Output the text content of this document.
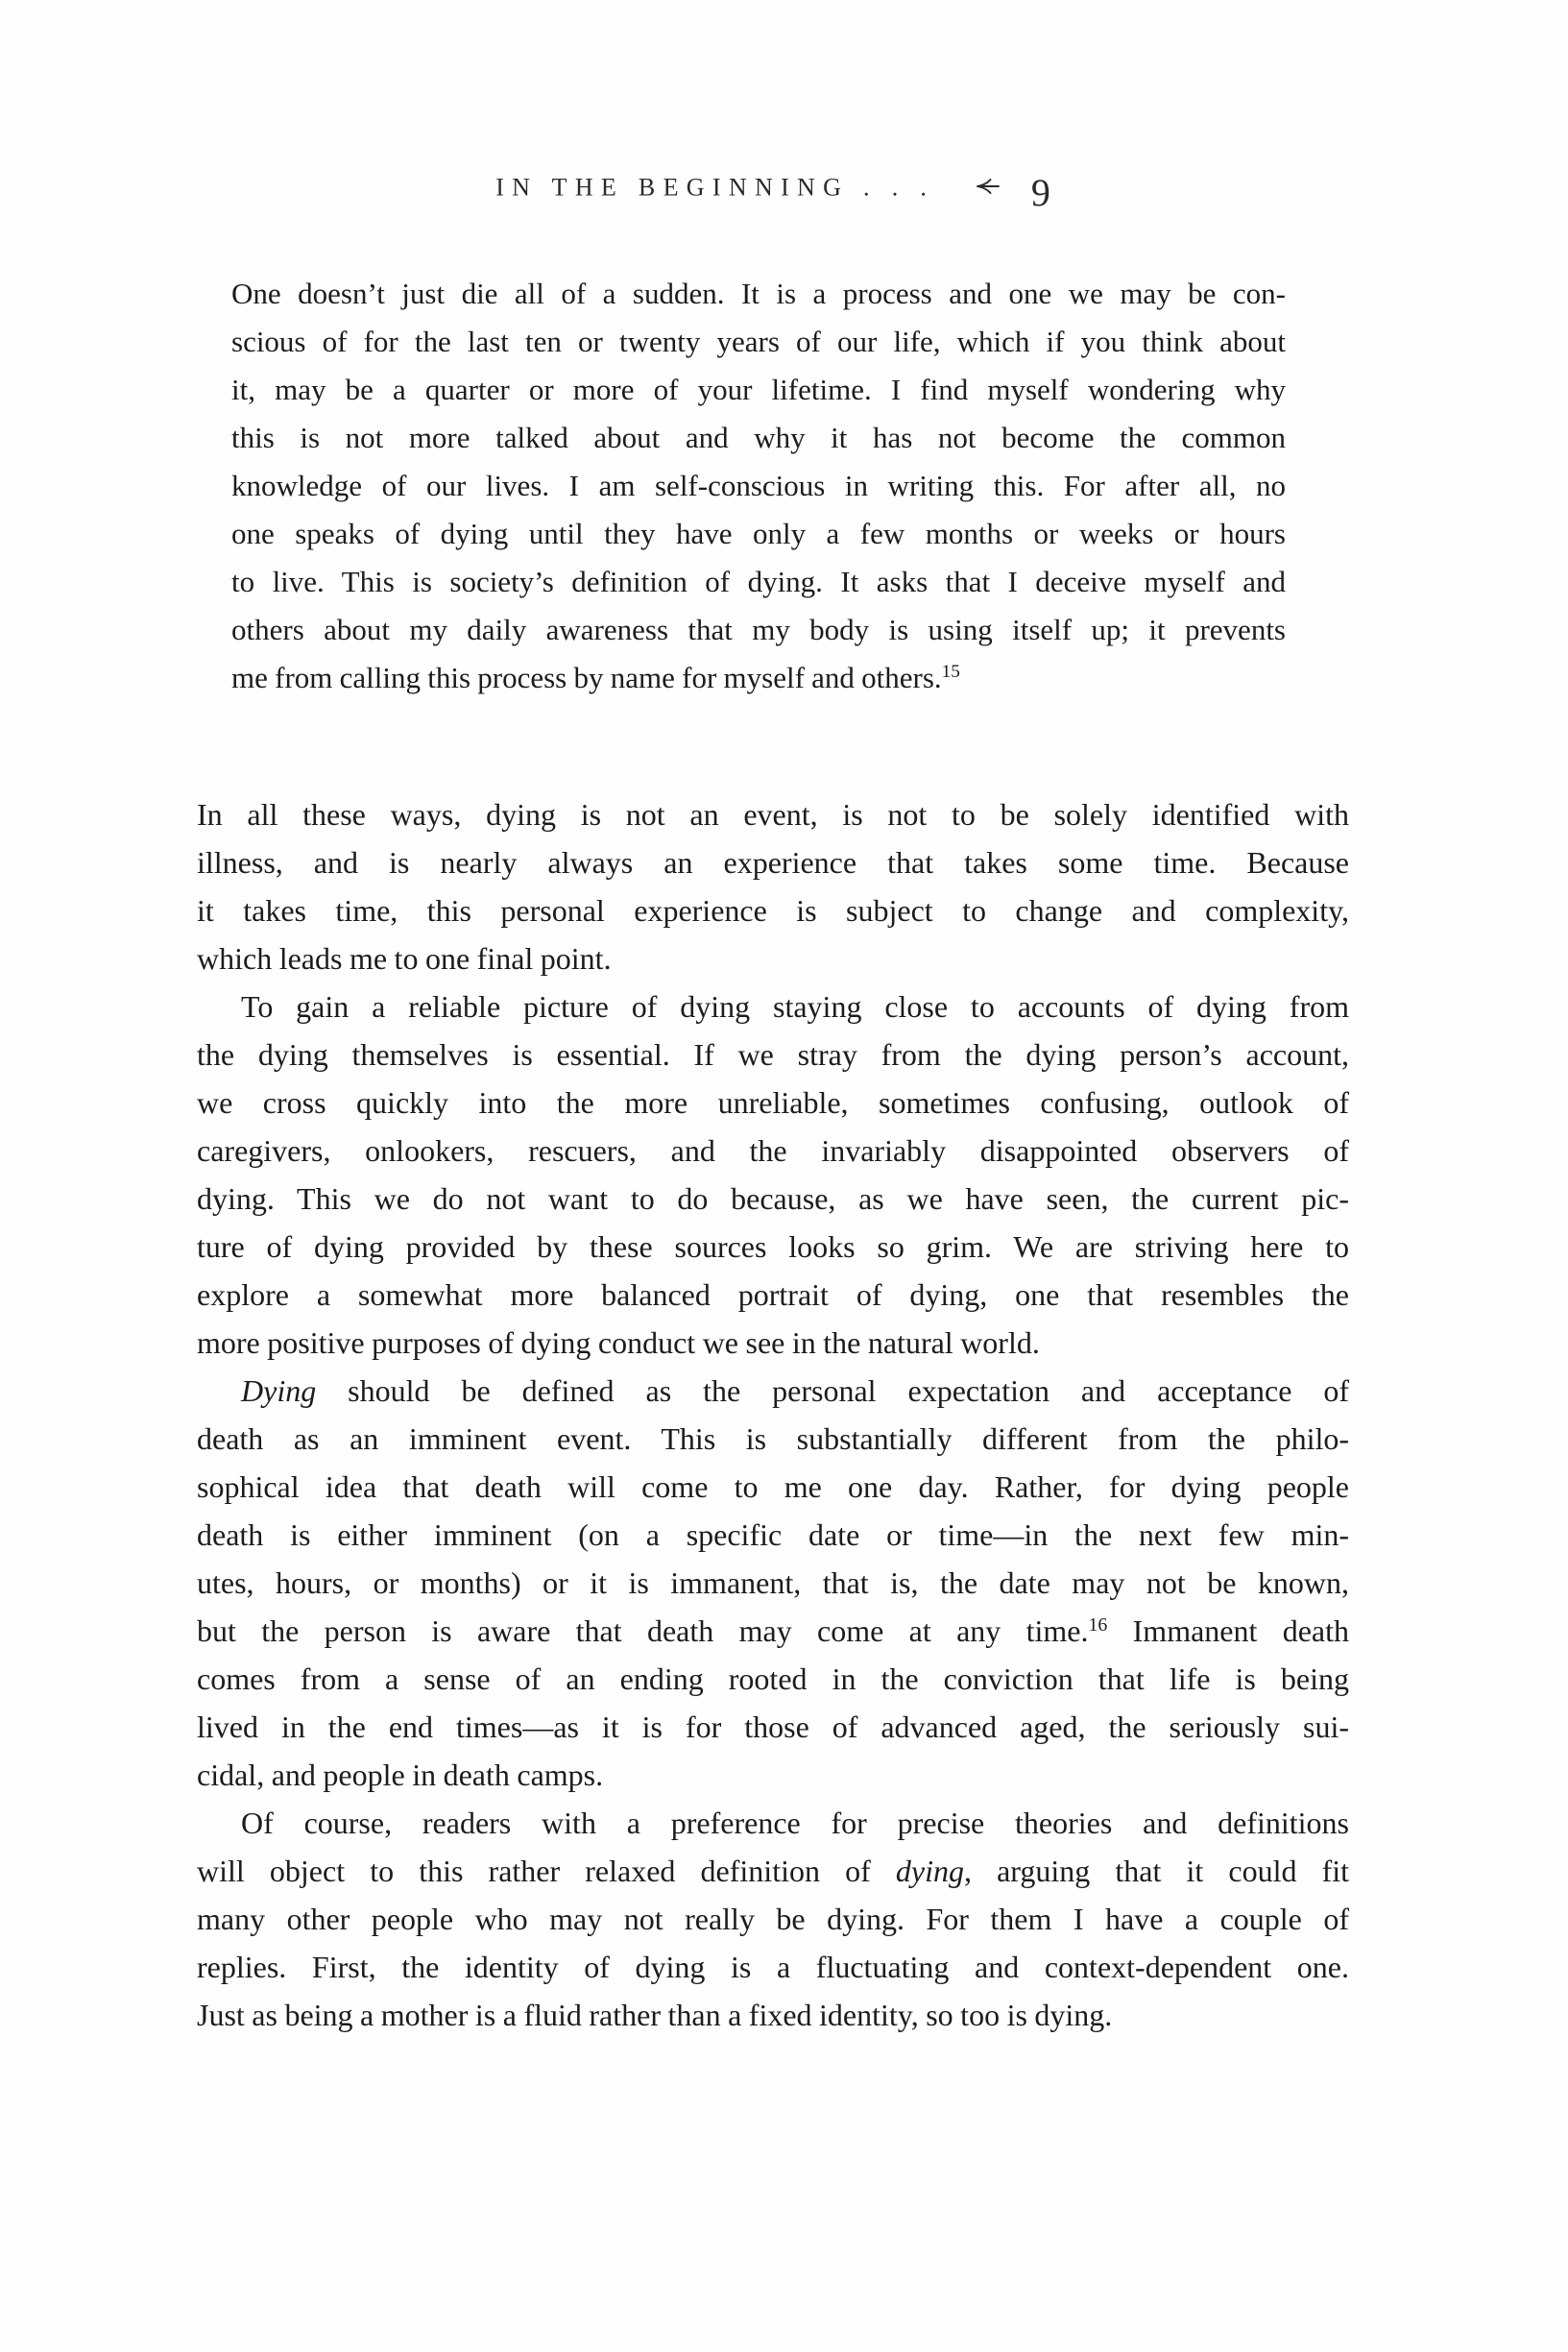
IN THE BEGINNING . . .	9
One doesn’t just die all of a sudden. It is a process and one we may be con-
scious of for the last ten or twenty years of our life, which if you think about
it, may be a quarter or more of your lifetime. I find myself wondering why
this is not more talked about and why it has not become the common
knowledge of our lives. I am self-conscious in writing this. For after all, no
one speaks of dying until they have only a few months or weeks or hours
to live. This is society’s definition of dying. It asks that I deceive myself and
others about my daily awareness that my body is using itself up; it prevents
me from calling this process by name for myself and others.$^{15}$
In all these ways, dying is not an event, is not to be solely identified with
illness, and is nearly always an experience that takes some time. Because
it takes time, this personal experience is subject to change and complexity,
which leads me to one final point.
To gain a reliable picture of dying staying close to accounts of dying from
the dying themselves is essential. If we stray from the dying person’s account,
we cross quickly into the more unreliable, sometimes confusing, outlook of
caregivers, onlookers, rescuers, and the invariably disappointed observers of
dying. This we do not want to do because, as we have seen, the current pic-
ture of dying provided by these sources looks so grim. We are striving here to
explore a somewhat more balanced portrait of dying, one that resembles the
more positive purposes of dying conduct we see in the natural world.
Dying should be defined as the personal expectation and acceptance of
death as an imminent event. This is substantially different from the philo-
sophical idea that death will come to me one day. Rather, for dying people
death is either imminent (on a specific date or time—in the next few min-
utes, hours, or months) or it is immanent, that is, the date may not be known,
but the person is aware that death may come at any time.$^{16}$ Immanent death
comes from a sense of an ending rooted in the conviction that life is being
lived in the end times—as it is for those of advanced aged, the seriously sui-
cidal, and people in death camps.
Of course, readers with a preference for precise theories and definitions
will object to this rather relaxed definition of dying, arguing that it could fit
many other people who may not really be dying. For them I have a couple of
replies. First, the identity of dying is a fluctuating and context-dependent one.
Just as being a mother is a fluid rather than a fixed identity, so too is dying.
